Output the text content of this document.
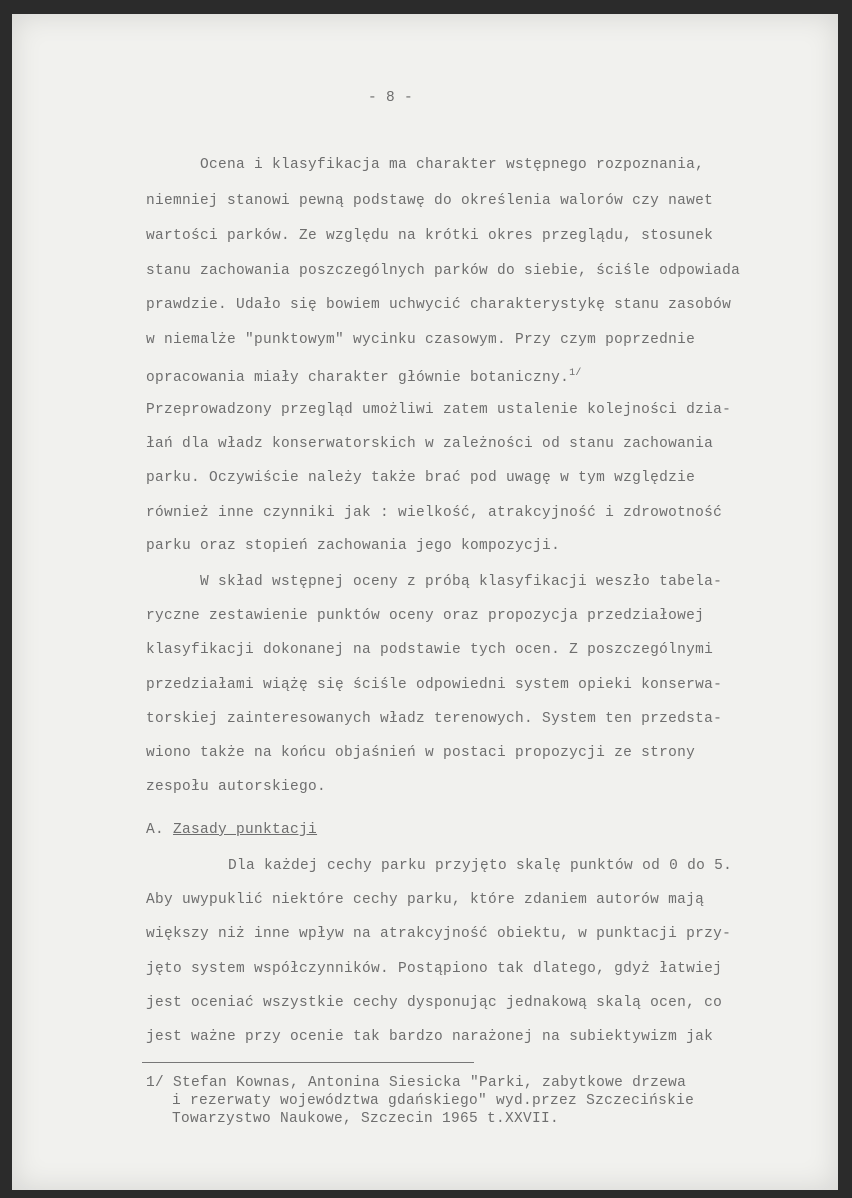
- 8 -
Ocena i klasyfikacja ma charakter wstępnego rozpoznania,
niemniej stanowi pewną podstawę do określenia walorów czy nawet
wartości parków. Ze względu na krótki okres przeglądu, stosunek
stanu zachowania poszczególnych parków do siebie, ściśle odpowiada
prawdzie. Udało się bowiem uchwycić charakterystykę stanu zasobów
w niemalże "punktowym" wycinku czasowym. Przy czym poprzednie
opracowania miały charakter głównie botaniczny.$^{1/}$
Przeprowadzony przegląd umożliwi zatem ustalenie kolejności dzia-
łań dla władz konserwatorskich w zależności od stanu zachowania
parku. Oczywiście należy także brać pod uwagę w tym względzie
również inne czynniki jak : wielkość, atrakcyjność i zdrowotność
parku oraz stopień zachowania jego kompozycji.
W skład wstępnej oceny z próbą klasyfikacji weszło tabela-
ryczne zestawienie punktów oceny oraz propozycja przedziałowej
klasyfikacji dokonanej na podstawie tych ocen. Z poszczególnymi
przedziałami wiążę się ściśle odpowiedni system opieki konserwa-
torskiej zainteresowanych władz terenowych. System ten przedsta-
wiono także na końcu objaśnień w postaci propozycji ze strony
zespołu autorskiego.
A. Zasady punktacji
Dla każdej cechy parku przyjęto skalę punktów od 0 do 5.
Aby uwypuklić niektóre cechy parku, które zdaniem autorów mają
większy niż inne wpływ na atrakcyjność obiektu, w punktacji przy-
jęto system współczynników. Postąpiono tak dlatego, gdyż łatwiej
jest oceniać wszystkie cechy dysponując jednakową skalą ocen, co
jest ważne przy ocenie tak bardzo narażonej na subiektywizm jak
1/ Stefan Kownas, Antonina Siesicka "Parki, zabytkowe drzewa
i rezerwaty województwa gdańskiego" wyd.przez Szczecińskie
Towarzystwo Naukowe, Szczecin 1965 t.XXVII.
